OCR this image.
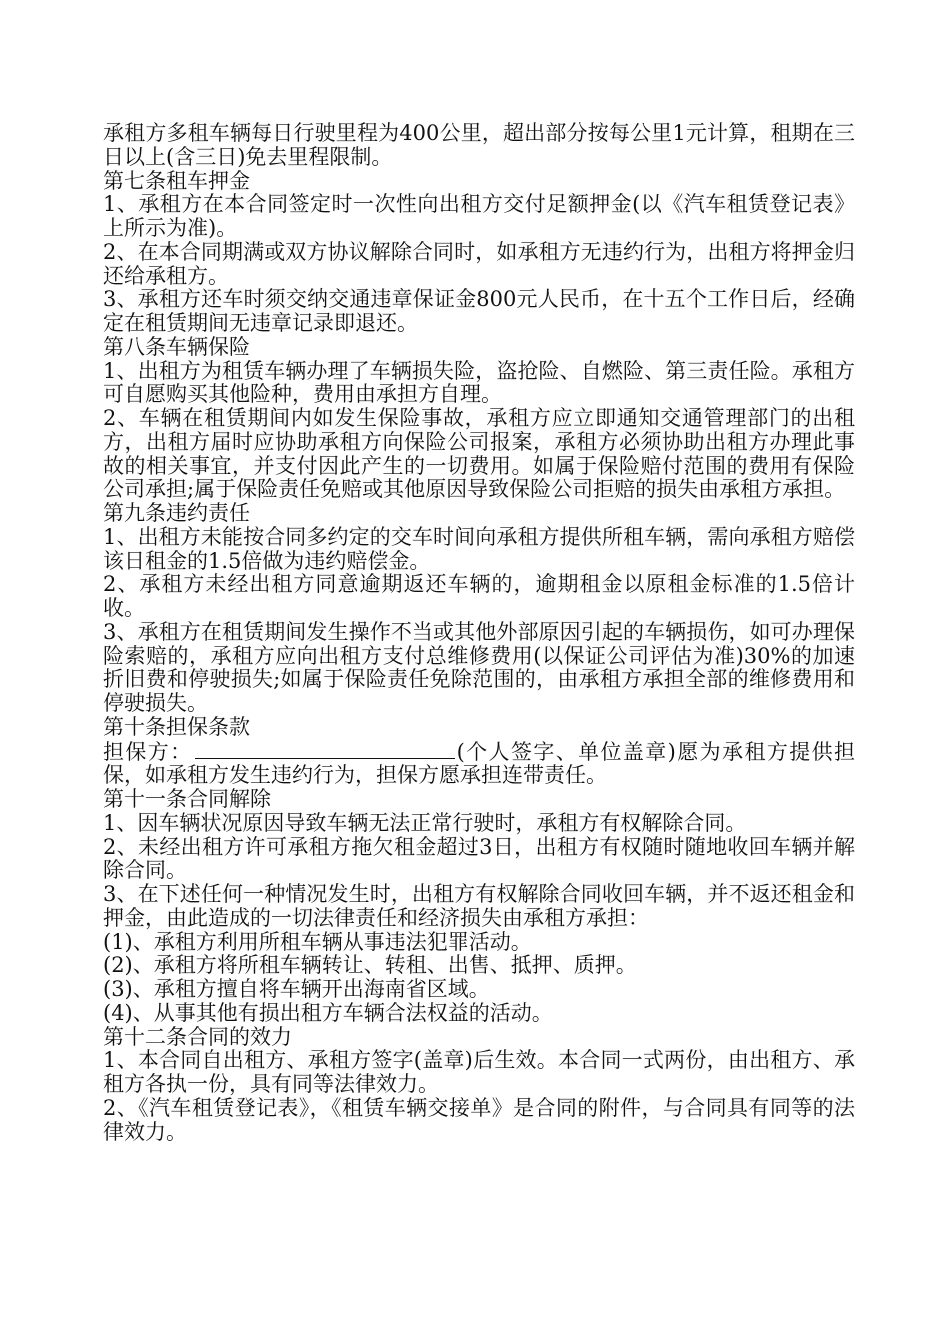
承租方多租车辆每日行驶里程为400公里，超出部分按每公里1元计算，租期在三日以上(含三日)免去里程限制。

第七条租车押金

1、承租方在本合同签定时一次性向出租方交付足额押金(以《汽车租赁登记表》上所示为准)。

2、在本合同期满或双方协议解除合同时，如承租方无违约行为，出租方将押金归还给承租方。

3、承租方还车时须交纳交通违章保证金800元人民币，在十五个工作日后，经确定在租赁期间无违章记录即退还。

第八条车辆保险

1、出租方为租赁车辆办理了车辆损失险，盗抢险、自燃险、第三责任险。承租方可自愿购买其他险种，费用由承担方自理。

2、车辆在租赁期间内如发生保险事故，承租方应立即通知交通管理部门的出租方，出租方届时应协助承租方向保险公司报案，承租方必须协助出租方办理此事故的相关事宜，并支付因此产生的一切费用。如属于保险赔付范围的费用有保险公司承担;属于保险责任免赔或其他原因导致保险公司拒赔的损失由承租方承担。

第九条违约责任

1、出租方未能按合同多约定的交车时间向承租方提供所租车辆，需向承租方赔偿该日租金的1.5倍做为违约赔偿金。

2、承租方未经出租方同意逾期返还车辆的，逾期租金以原租金标准的1.5倍计收。

3、承租方在租赁期间发生操作不当或其他外部原因引起的车辆损伤，如可办理保险索赔的，承租方应向出租方支付总维修费用(以保证公司评估为准)30%的加速折旧费和停驶损失;如属于保险责任免除范围的，由承租方承担全部的维修费用和停驶损失。

第十条担保条款

担保方：	(个人签字、单位盖章)愿为承租方提供担保，如承租方发生违约行为，担保方愿承担连带责任。

第十一条合同解除

1、因车辆状况原因导致车辆无法正常行驶时，承租方有权解除合同。

2、未经出租方许可承租方拖欠租金超过3日，出租方有权随时随地收回车辆并解除合同。

3、在下述任何一种情况发生时，出租方有权解除合同收回车辆，并不返还租金和押金，由此造成的一切法律责任和经济损失由承租方承担：

(1)、承租方利用所租车辆从事违法犯罪活动。

(2)、承租方将所租车辆转让、转租、出售、抵押、质押。

(3)、承租方擅自将车辆开出海南省区域。

(4)、从事其他有损出租方车辆合法权益的活动。

第十二条合同的效力

1、本合同自出租方、承租方签字(盖章)后生效。本合同一式两份，由出租方、承租方各执一份，具有同等法律效力。

2、《汽车租赁登记表》，《租赁车辆交接单》是合同的附件，与合同具有同等的法律效力。
